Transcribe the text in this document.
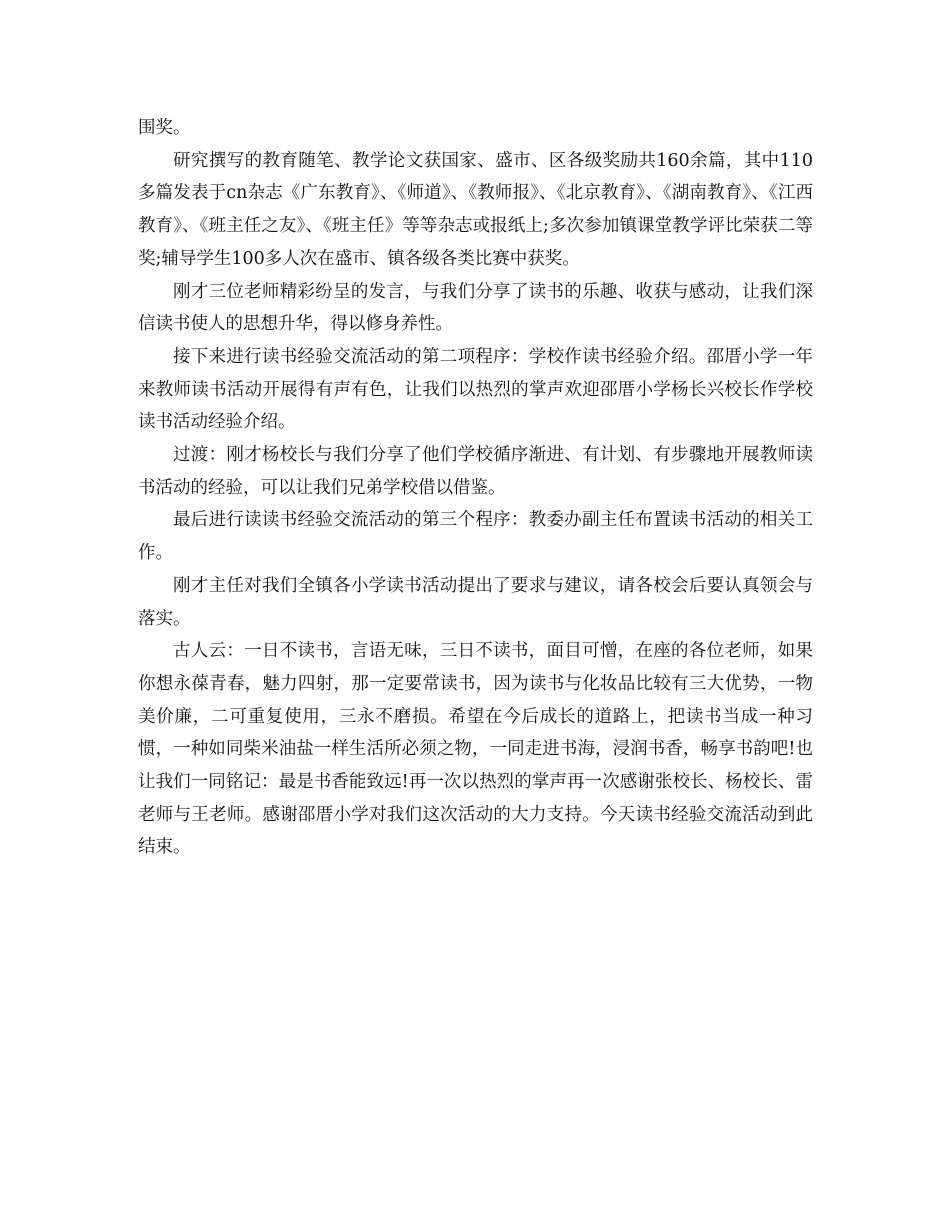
围奖。

研究撰写的教育随笔、教学论文获国家、盛市、区各级奖励共160余篇，其中110多篇发表于cn杂志《广东教育》、《师道》、《教师报》、《北京教育》、《湖南教育》、《江西教育》、《班主任之友》、《班主任》等等杂志或报纸上;多次参加镇课堂教学评比荣获二等奖;辅导学生100多人次在盛市、镇各级各类比赛中获奖。

刚才三位老师精彩纷呈的发言，与我们分享了读书的乐趣、收获与感动，让我们深信读书使人的思想升华，得以修身养性。

接下来进行读书经验交流活动的第二项程序：学校作读书经验介绍。邵厝小学一年来教师读书活动开展得有声有色，让我们以热烈的掌声欢迎邵厝小学杨长兴校长作学校读书活动经验介绍。

过渡：刚才杨校长与我们分享了他们学校循序渐进、有计划、有步骤地开展教师读书活动的经验，可以让我们兄弟学校借以借鉴。

最后进行读读书经验交流活动的第三个程序：教委办副主任布置读书活动的相关工作。

刚才主任对我们全镇各小学读书活动提出了要求与建议，请各校会后要认真领会与落实。

古人云：一日不读书，言语无味，三日不读书，面目可憎，在座的各位老师，如果你想永葆青春，魅力四射，那一定要常读书，因为读书与化妆品比较有三大优势，一物美价廉，二可重复使用，三永不磨损。希望在今后成长的道路上，把读书当成一种习惯，一种如同柴米油盐一样生活所必须之物，一同走进书海，浸润书香，畅享书韵吧!也让我们一同铭记：最是书香能致远!再一次以热烈的掌声再一次感谢张校长、杨校长、雷老师与王老师。感谢邵厝小学对我们这次活动的大力支持。今天读书经验交流活动到此结束。
